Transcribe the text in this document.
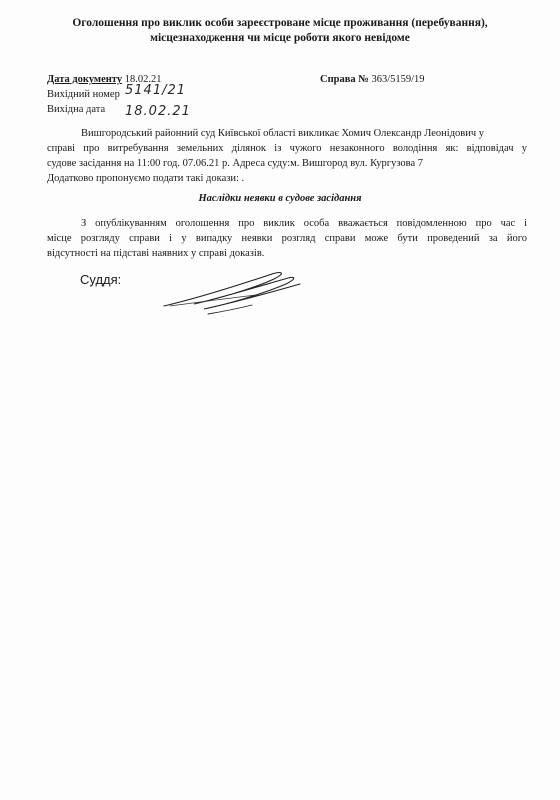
Оголошення про виклик особи зареєстроване місце проживання (перебування),
місцезнаходження чи місце роботи якого невідоме
Дата документу 18.02.21
Вихідний номер 5141/21
Вихідна дата 18.02.21
Справа № 363/5159/19
Вишгородський районний суд Київської області викликає Хомич Олександр Леонідович у
справі про витребування земельних ділянок із чужого незаконного володіння як: відповідач у
судове засідання на 11:00 год. 07.06.21 р. Адреса суду:м. Вишгород вул. Кургузова 7
Додатково пропонуємо подати такі докази: .
Наслідки неявки в судове засідання
З опублікуванням оголошення про виклик особа вважається повідомленною про час і
місце розгляду справи і у випадку неявки розгляд справи може бути проведений за його
відсутності на підставі наявних у справі доказів.
Суддя:
